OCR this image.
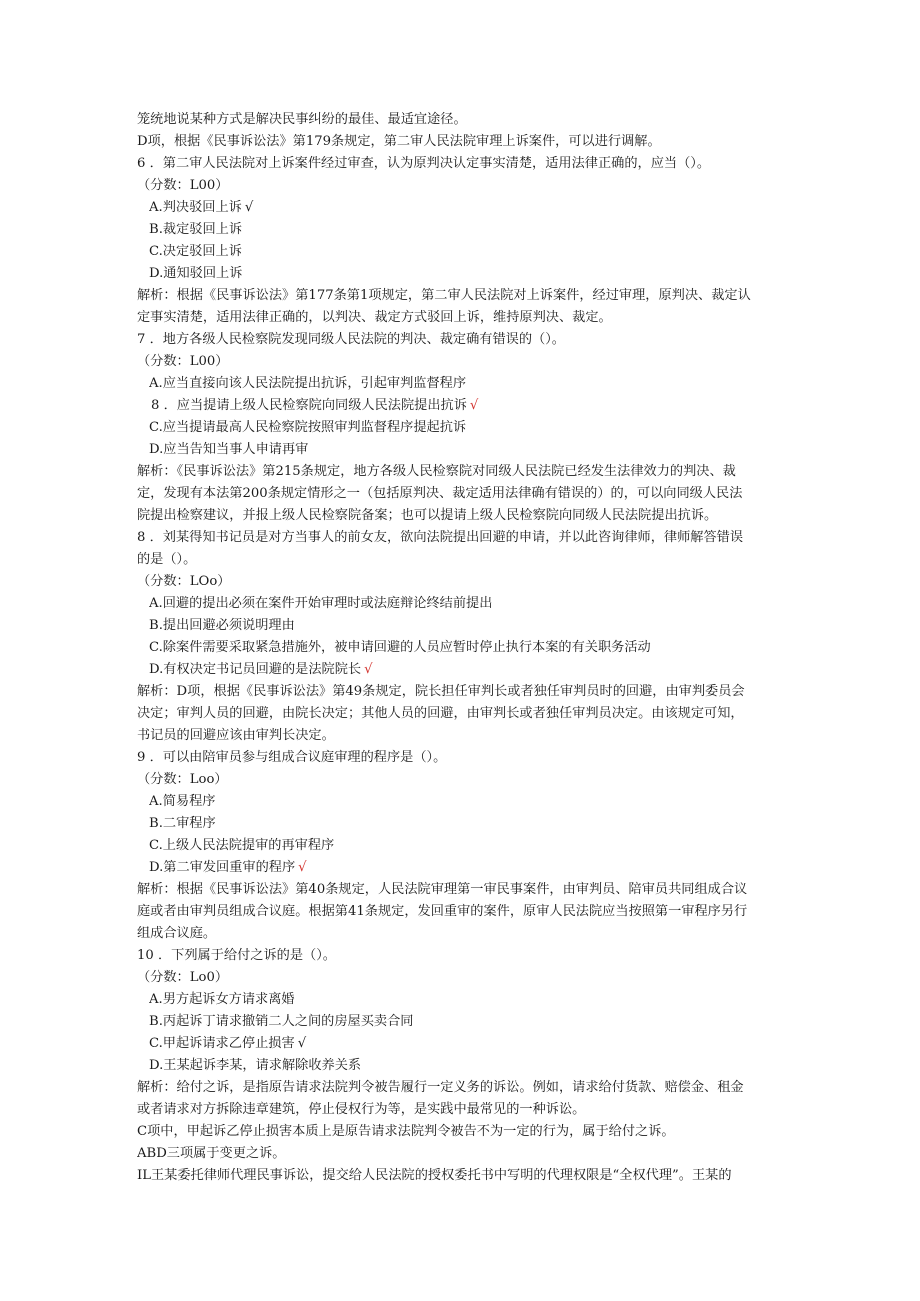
笼统地说某种方式是解决民事纠纷的最佳、最适宜途径。
D项，根据《民事诉讼法》第179条规定，第二审人民法院审理上诉案件，可以进行调解。
6 ．第二审人民法院对上诉案件经过审查，认为原判决认定事实清楚，适用法律正确的，应当（）。
（分数：L00）
A.判决驳回上诉 √
B.裁定驳回上诉
C.决定驳回上诉
D.通知驳回上诉
解析：根据《民事诉讼法》第177条第1项规定，第二审人民法院对上诉案件，经过审理，原判决、裁定认
定事实清楚，适用法律正确的，以判决、裁定方式驳回上诉，维持原判决、裁定。
7 ．地方各级人民检察院发现同级人民法院的判决、裁定确有错误的（）。
（分数：L00）
A.应当直接向该人民法院提出抗诉，引起审判监督程序
8 ．应当提请上级人民检察院向同级人民法院提出抗诉 √
C.应当提请最高人民检察院按照审判监督程序提起抗诉
D.应当告知当事人申请再审
解析：《民事诉讼法》第215条规定，地方各级人民检察院对同级人民法院已经发生法律效力的判决、裁
定，发现有本法第200条规定情形之一（包括原判决、裁定适用法律确有错误的）的，可以向同级人民法
院提出检察建议，并报上级人民检察院备案；也可以提请上级人民检察院向同级人民法院提出抗诉。
8 ．刘某得知书记员是对方当事人的前女友，欲向法院提出回避的申请，并以此咨询律师，律师解答错误
的是（）。
（分数：LOo）
A.回避的提出必须在案件开始审理时或法庭辩论终结前提出
B.提出回避必须说明理由
C.除案件需要采取紧急措施外，被申请回避的人员应暂时停止执行本案的有关职务活动
D.有权决定书记员回避的是法院院长 √
解析：D项，根据《民事诉讼法》第49条规定，院长担任审判长或者独任审判员时的回避，由审判委员会
决定；审判人员的回避，由院长决定；其他人员的回避，由审判长或者独任审判员决定。由该规定可知，
书记员的回避应该由审判长决定。
9 ．可以由陪审员参与组成合议庭审理的程序是（）。
（分数：Loo）
A.简易程序
B.二审程序
C.上级人民法院提审的再审程序
D.第二审发回重审的程序 √
解析：根据《民事诉讼法》第40条规定，人民法院审理第一审民事案件，由审判员、陪审员共同组成合议
庭或者由审判员组成合议庭。根据第41条规定，发回重审的案件，原审人民法院应当按照第一审程序另行
组成合议庭。
10 ．下列属于给付之诉的是（）。
（分数：Lo0）
A.男方起诉女方请求离婚
B.丙起诉丁请求撤销二人之间的房屋买卖合同
C.甲起诉请求乙停止损害 √
D.王某起诉李某，请求解除收养关系
解析：给付之诉，是指原告请求法院判令被告履行一定义务的诉讼。例如，请求给付货款、赔偿金、租金
或者请求对方拆除违章建筑，停止侵权行为等，是实践中最常见的一种诉讼。
C项中，甲起诉乙停止损害本质上是原告请求法院判令被告不为一定的行为，属于给付之诉。
ABD三项属于变更之诉。
IL王某委托律师代理民事诉讼，提交给人民法院的授权委托书中写明的代理权限是“全权代理”。王某的
